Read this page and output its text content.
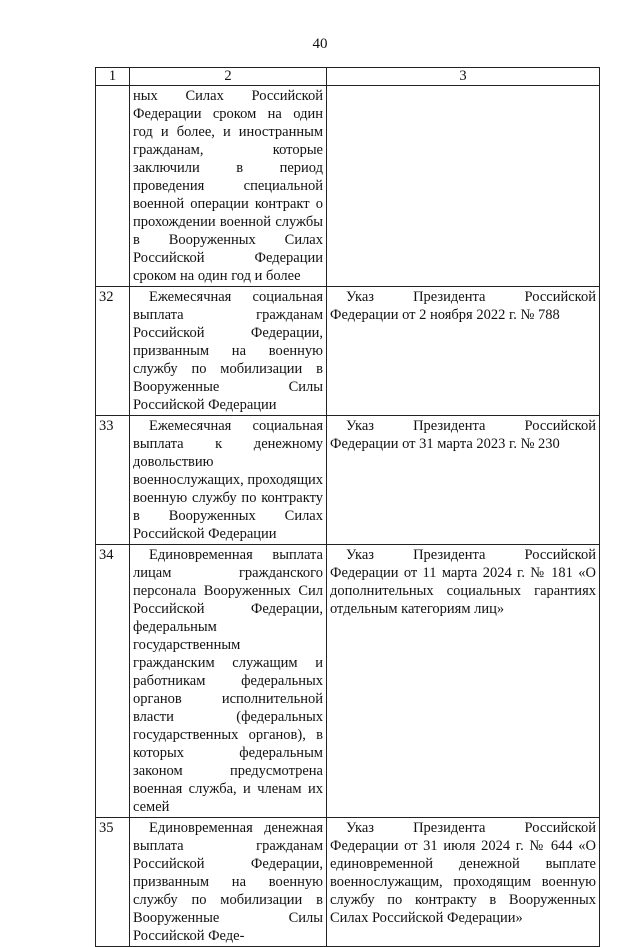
40
1	2	3
	ных Силах Российской Федерации сроком на один год и более, и иностранным гражданам, которые заключили в период проведения специальной военной операции контракт о прохождении военной службы в Вооруженных Силах Российской Федерации сроком на один год и более	
32	Ежемесячная социальная выплата гражданам Российской Федерации, призванным на военную службу по мобилизации в Вооруженные Силы Российской Федерации	Указ Президента Российской Федерации от 2 ноября 2022 г. № 788
33	Ежемесячная социальная выплата к денежному довольствию военнослужащих, проходящих военную службу по контракту в Вооруженных Силах Российской Федерации	Указ Президента Российской Федерации от 31 марта 2023 г. № 230
34	Единовременная выплата лицам гражданского персонала Вооруженных Сил Российской Федерации, федеральным государственным гражданским служащим и работникам федеральных органов исполнительной власти (федеральных государственных органов), в которых федеральным законом предусмотрена военная служба, и членам их семей	Указ Президента Российской Федерации от 11 марта 2024 г. № 181 «О дополнительных социальных гарантиях отдельным категориям лиц»
35	Единовременная денежная выплата гражданам Российской Федерации, призванным на военную службу по мобилизации в Вооруженные Силы Российской Феде-	Указ Президента Российской Федерации от 31 июля 2024 г. № 644 «О единовременной денежной выплате военнослужащим, проходящим военную службу по контракту в Вооруженных Силах Российской Федерации»
